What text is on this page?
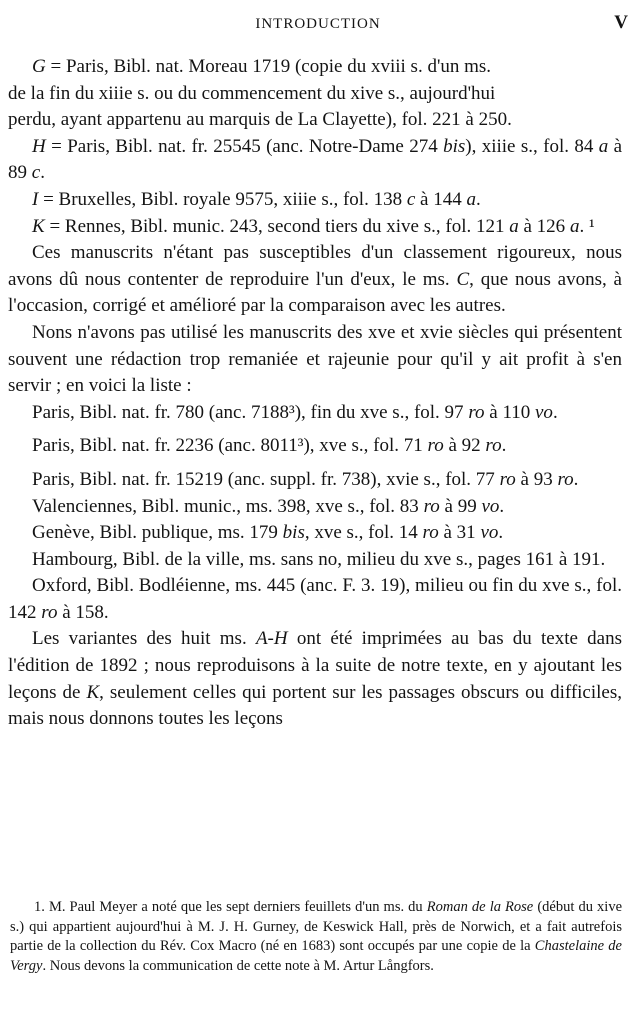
INTRODUCTION	V

G = Paris, Bibl. nat. Moreau 1719 (copie du xviii s. d'un ms.

de la fin du xiiie s. ou du commencement du xive s., aujourd'hui

perdu, ayant appartenu au marquis de La Clayette), fol. 221 à 250.

H = Paris, Bibl. nat. fr. 25545 (anc. Notre-Dame 274 bis), xiiie s., fol. 84 a à 89 c.

I = Bruxelles, Bibl. royale 9575, xiiie s., fol. 138 c à 144 a.

K = Rennes, Bibl. munic. 243, second tiers du xive s., fol. 121 a à 126 a. ¹

Ces manuscrits n'étant pas susceptibles d'un classement rigoureux, nous avons dû nous contenter de reproduire l'un d'eux, le ms. C, que nous avons, à l'occasion, corrigé et amélioré par la comparaison avec les autres.

Nons n'avons pas utilisé les manuscrits des xve et xvie siècles qui présentent souvent une rédaction trop remaniée et rajeunie pour qu'il y ait profit à s'en servir ; en voici la liste :

Paris, Bibl. nat. fr. 780 (anc. 7188³), fin du xve s., fol. 97 ro à 110 vo.

Paris, Bibl. nat. fr. 2236 (anc. 8011³), xve s., fol. 71 ro à 92 ro.

Paris, Bibl. nat. fr. 15219 (anc. suppl. fr. 738), xvie s., fol. 77 ro à 93 ro.

Valenciennes, Bibl. munic., ms. 398, xve s., fol. 83 ro à 99 vo.

Genève, Bibl. publique, ms. 179 bis, xve s., fol. 14 ro à 31 vo.

Hambourg, Bibl. de la ville, ms. sans no, milieu du xve s., pages 161 à 191.

Oxford, Bibl. Bodléienne, ms. 445 (anc. F. 3. 19), milieu ou fin du xve s., fol. 142 ro à 158.

Les variantes des huit ms. A-H ont été imprimées au bas du texte dans l'édition de 1892 ; nous reproduisons à la suite de notre texte, en y ajoutant les leçons de K, seulement celles qui portent sur les passages obscurs ou difficiles, mais nous donnons toutes les leçons

1. M. Paul Meyer a noté que les sept derniers feuillets d'un ms. du Roman de la Rose (début du xive s.) qui appartient aujourd'hui à M. J. H. Gurney, de Keswick Hall, près de Norwich, et a fait autrefois partie de la collection du Rév. Cox Macro (né en 1683) sont occupés par une copie de la Chastelaine de Vergy. Nous devons la communication de cette note à M. Artur Långfors.
